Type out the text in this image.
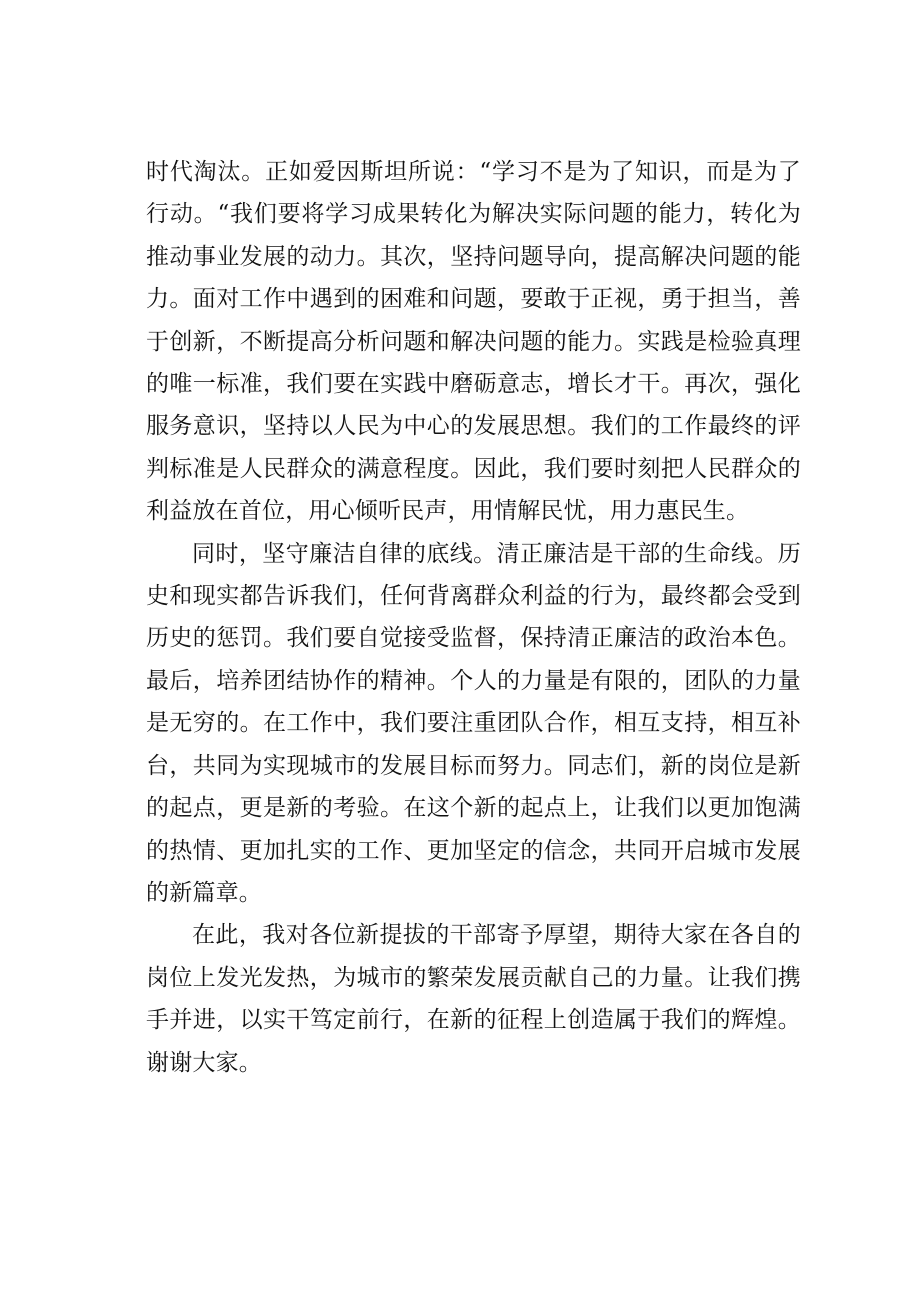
时代淘汰。正如爱因斯坦所说：“学习不是为了知识，而是为了行动。“我们要将学习成果转化为解决实际问题的能力，转化为推动事业发展的动力。其次，坚持问题导向，提高解决问题的能力。面对工作中遇到的困难和问题，要敢于正视，勇于担当，善于创新，不断提高分析问题和解决问题的能力。实践是检验真理的唯一标准，我们要在实践中磨砺意志，增长才干。再次，强化服务意识，坚持以人民为中心的发展思想。我们的工作最终的评判标准是人民群众的满意程度。因此，我们要时刻把人民群众的利益放在首位，用心倾听民声，用情解民忧，用力惠民生。

同时，坚守廉洁自律的底线。清正廉洁是干部的生命线。历史和现实都告诉我们，任何背离群众利益的行为，最终都会受到历史的惩罚。我们要自觉接受监督，保持清正廉洁的政治本色。最后，培养团结协作的精神。个人的力量是有限的，团队的力量是无穷的。在工作中，我们要注重团队合作，相互支持，相互补台，共同为实现城市的发展目标而努力。同志们，新的岗位是新的起点，更是新的考验。在这个新的起点上，让我们以更加饱满的热情、更加扎实的工作、更加坚定的信念，共同开启城市发展的新篇章。

在此，我对各位新提拔的干部寄予厚望，期待大家在各自的岗位上发光发热，为城市的繁荣发展贡献自己的力量。让我们携手并进，以实干笃定前行，在新的征程上创造属于我们的辉煌。谢谢大家。
